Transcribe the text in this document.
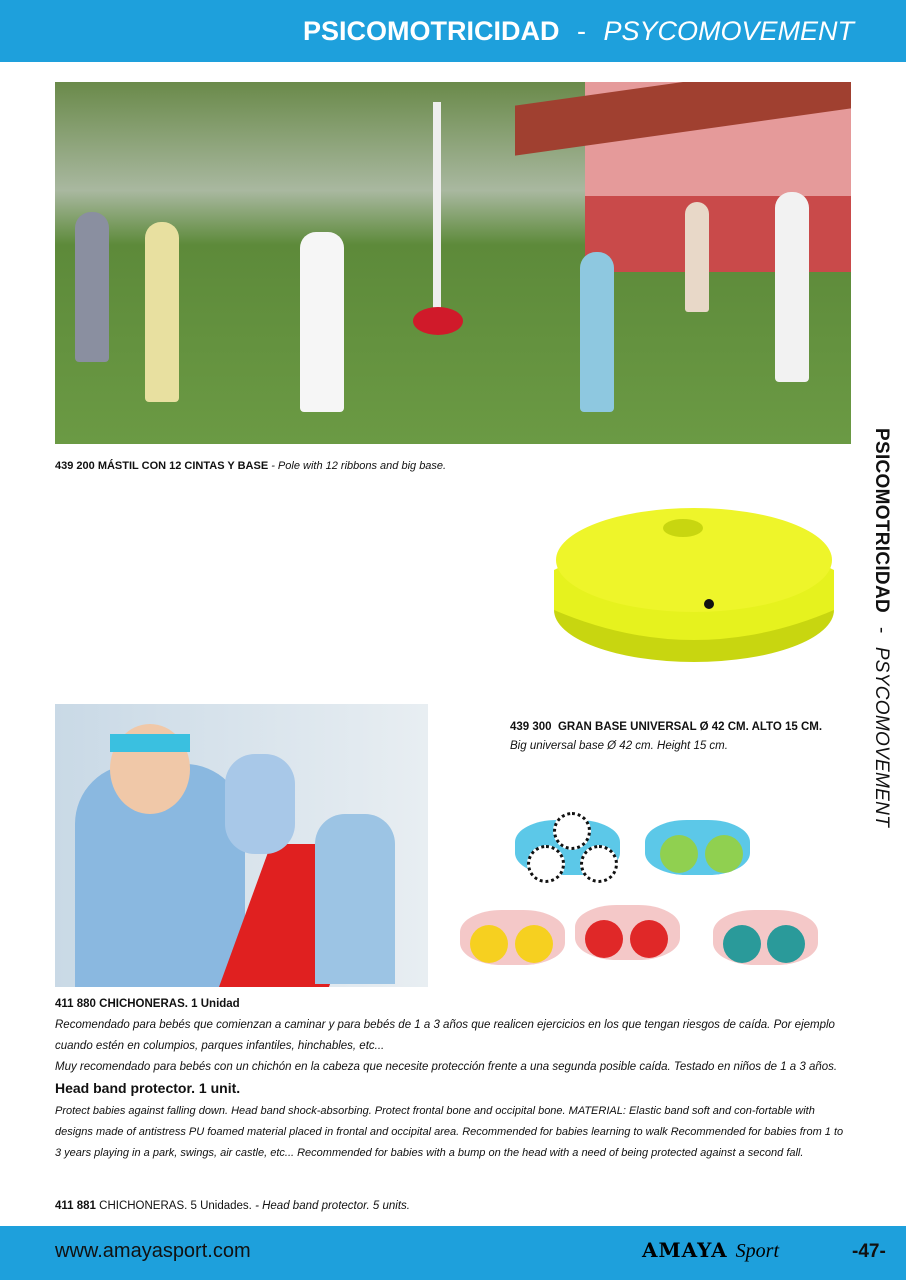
PSICOMOTRICIDAD - PSYCOMOVEMENT
439 200 MÁSTIL CON 12 CINTAS Y BASE - Pole with 12 ribbons and big base.
439 300 GRAN BASE UNIVERSAL Ø 42 CM. ALTO 15 CM.
Big universal base Ø 42 cm. Height 15 cm.
411 880 CHICHONERAS. 1 Unidad
Recomendado para bebés que comienzan a caminar y para bebés de 1 a 3 años que realicen ejercicios en los que tengan riesgos de caída. Por ejemplo cuando estén en columpios, parques infantiles, hinchables, etc...
Muy recomendado para bebés con un chichón en la cabeza que necesite protección frente a una segunda posible caída. Testado en niños de 1 a 3 años.
Head band protector. 1 unit.

Protect babies against falling down. Head band shock-absorbing. Protect frontal bone and occipital bone. MATERIAL: Elastic band soft and con-fortable with designs made of antistress PU foamed material placed in frontal and occipital area. Recommended for babies learning to walk Recommended for babies from 1 to 3 years playing in a park, swings, air castle, etc... Recommended for babies with a bump on the head with a need of being protected against a second fall.
411 881 CHICHONERAS. 5 Unidades. - Head band protector. 5 units.
PSICOMOTRICIDAD - PSYCOMOVEMENT
www.amayasport.com	AMAYA Sport	-47-
